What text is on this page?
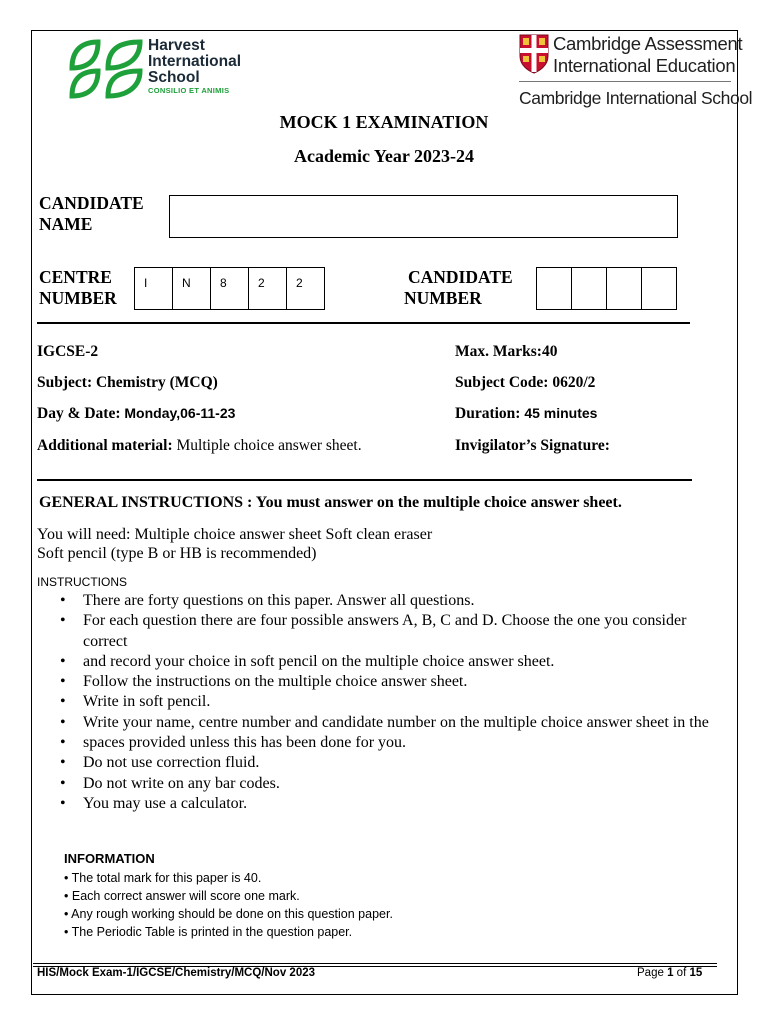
Harvest
International
School
CONSILIO ET ANIMIS
Cambridge Assessment
International Education
Cambridge International School
MOCK 1 EXAMINATION
Academic Year 2023-24
CANDIDATE
NAME
CENTRE
NUMBER
I	N	8	2	2	CANDIDATE
NUMBER
IGCSE-2	Max. Marks:40
Subject: Chemistry (MCQ)	Subject Code: 0620/2
Day & Date: Monday,06-11-23	Duration: 45 minutes
Additional material: Multiple choice answer sheet.	Invigilator’s Signature:
GENERAL INSTRUCTIONS : You must answer on the multiple choice answer sheet.
You will need: Multiple choice answer sheet Soft clean eraser
Soft pencil (type B or HB is recommended)
INSTRUCTIONS
• There are forty questions on this paper. Answer all questions.
• For each question there are four possible answers A, B, C and D. Choose the one you consider correct
• and record your choice in soft pencil on the multiple choice answer sheet.
• Follow the instructions on the multiple choice answer sheet.
• Write in soft pencil.
• Write your name, centre number and candidate number on the multiple choice answer sheet in the
• spaces provided unless this has been done for you.
• Do not use correction fluid.
• Do not write on any bar codes.
• You may use a calculator.
INFORMATION
• The total mark for this paper is 40.
• Each correct answer will score one mark.
• Any rough working should be done on this question paper.
• The Periodic Table is printed in the question paper.
HIS/Mock Exam-1/IGCSE/Chemistry/MCQ/Nov 2023	Page 1 of 15
